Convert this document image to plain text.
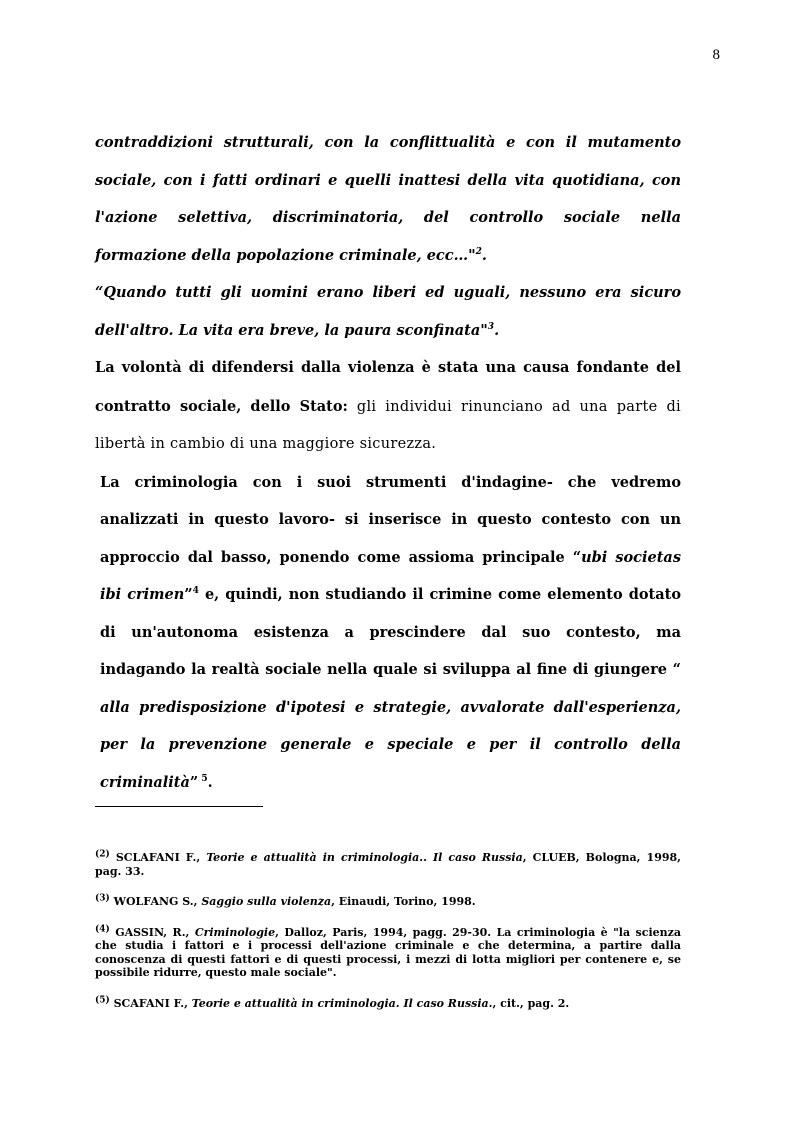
8

contraddizioni strutturali, con la conflittualità e con il mutamento sociale, con i fatti ordinari e quelli inattesi della vita quotidiana, con l'azione selettiva, discriminatoria, del controllo sociale nella formazione della popolazione criminale, ecc…"$^2$.

“Quando tutti gli uomini erano liberi ed uguali, nessuno era sicuro dell'altro. La vita era breve, la paura sconfinata"$^3$.

La volontà di difendersi dalla violenza è stata una causa fondante del contratto sociale, dello Stato: gli individui rinunciano ad una parte di libertà in cambio di una maggiore sicurezza.

La criminologia con i suoi strumenti d'indagine- che vedremo analizzati in questo lavoro- si inserisce in questo contesto con un approccio dal basso, ponendo come assioma principale “ubi societas ibi crimen”$^4$ e, quindi, non studiando il crimine come elemento dotato di un'autonoma esistenza a prescindere dal suo contesto, ma indagando la realtà sociale nella quale si sviluppa al fine di giungere “ alla predisposizione d'ipotesi e strategie, avvalorate dall'esperienza, per la prevenzione generale e speciale e per il controllo della criminalità” $^5$.

$^{(2)}$ SCLAFANI F., Teorie e attualità in criminologia.. Il caso Russia, CLUEB, Bologna, 1998, pag. 33.

$^{(3)}$ WOLFANG S., Saggio sulla violenza, Einaudi, Torino, 1998.

$^{(4)}$ GASSIN, R., Criminologie, Dalloz, Paris, 1994, pagg. 29-30. La criminologia è "la scienza che studia i fattori e i processi dell'azione criminale e che determina, a partire dalla conoscenza di questi fattori e di questi processi, i mezzi di lotta migliori per contenere e, se possibile ridurre, questo male sociale".

$^{(5)}$ SCAFANI F., Teorie e attualità in criminologia. Il caso Russia., cit., pag. 2.
